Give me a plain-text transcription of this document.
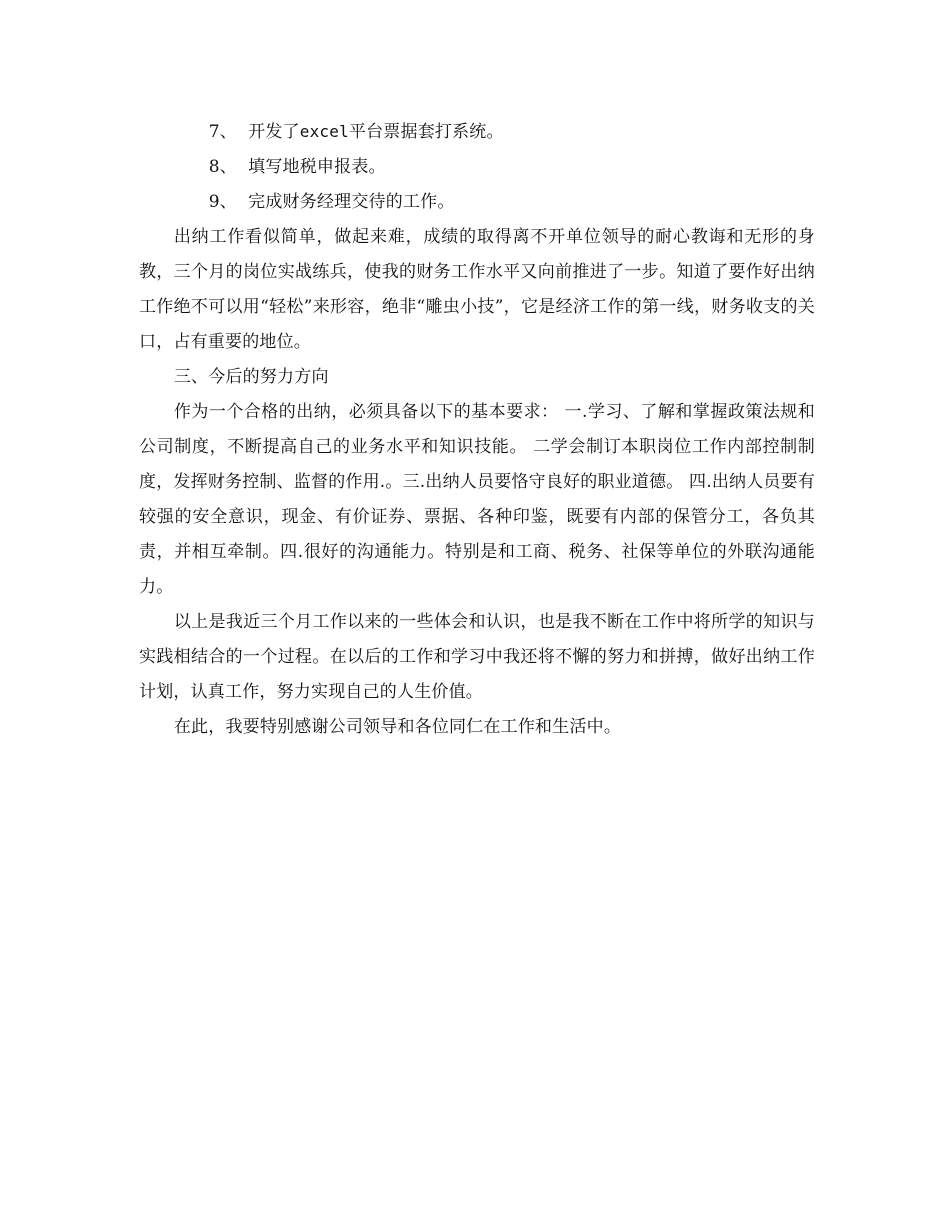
7、 开发了excel平台票据套打系统。

8、 填写地税申报表。

9、 完成财务经理交待的工作。

出纳工作看似简单，做起来难，成绩的取得离不开单位领导的耐心教诲和无形的身教，三个月的岗位实战练兵，使我的财务工作水平又向前推进了一步。知道了要作好出纳工作绝不可以用“轻松”来形容，绝非“雕虫小技”，它是经济工作的第一线，财务收支的关口，占有重要的地位。

三、今后的努力方向

作为一个合格的出纳，必须具备以下的基本要求： 一.学习、了解和掌握政策法规和公司制度，不断提高自己的业务水平和知识技能。 二学会制订本职岗位工作内部控制制度，发挥财务控制、监督的作用.。三.出纳人员要恪守良好的职业道德。 四.出纳人员要有较强的安全意识，现金、有价证券、票据、各种印鉴，既要有内部的保管分工，各负其责，并相互牵制。四.很好的沟通能力。特别是和工商、税务、社保等单位的外联沟通能力。

以上是我近三个月工作以来的一些体会和认识，也是我不断在工作中将所学的知识与实践相结合的一个过程。在以后的工作和学习中我还将不懈的努力和拼搏，做好出纳工作计划，认真工作，努力实现自己的人生价值。

在此，我要特别感谢公司领导和各位同仁在工作和生活中。
